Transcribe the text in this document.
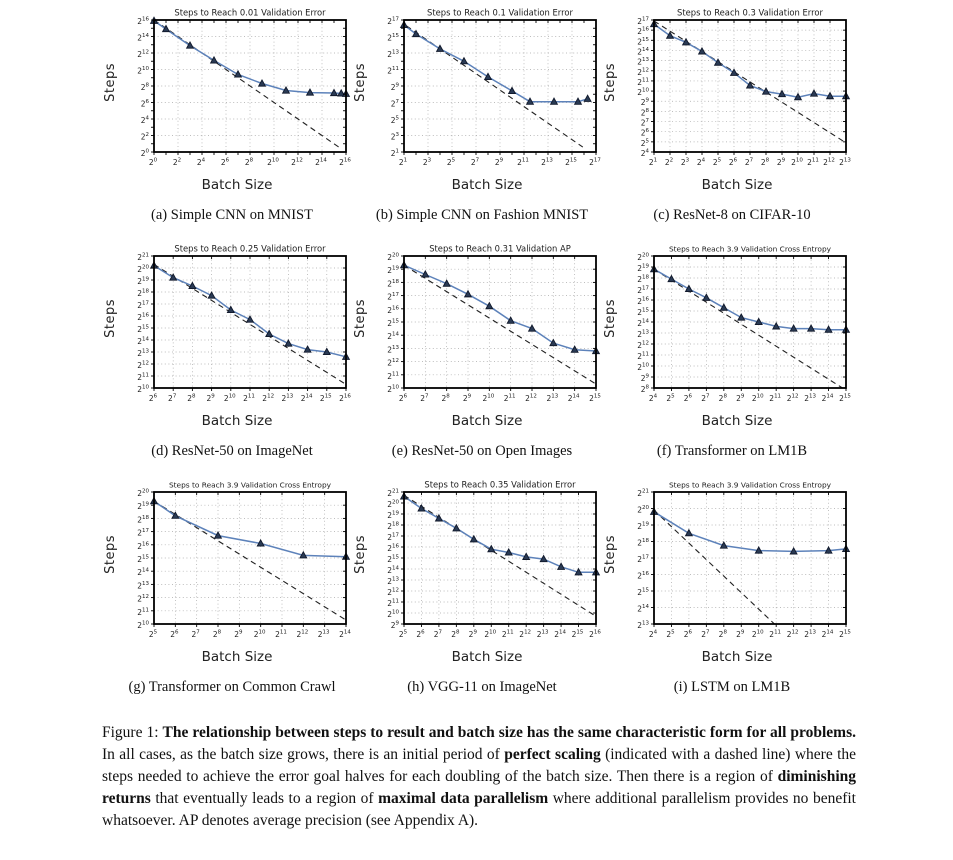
Steps
$2^0$ $2^2$ $2^4$ $2^6$ $2^8$ $2^{10}$ $2^{12}$ $2^{14}$ $2^{16}$
$2^0$
$2^2$
$2^4$
$2^6$
$2^8$
$2^{10}$
$2^{12}$
$2^{14}$
$2^{16}$
Steps to Reach 0.01 Validation Error
Batch Size
(a) Simple CNN on MNIST
Steps
$2^1$ $2^3$ $2^5$ $2^7$ $2^9$ $2^{11}$ $2^{13}$ $2^{15}$ $2^{17}$
$2^1$
$2^3$
$2^5$
$2^7$
$2^9$
$2^{11}$
$2^{13}$
$2^{15}$
$2^{17}$
Steps to Reach 0.1 Validation Error
Batch Size
(b) Simple CNN on Fashion MNIST
Steps
$2^1$ $2^2$ $2^3$ $2^4$ $2^5$ $2^6$ $2^7$ $2^8$ $2^9$ $2^{10}$ $2^{11}$ $2^{12}$ $2^{13}$
$2^4$
$2^5$
$2^6$
$2^7$
$2^8$
$2^9$
$2^{10}$
$2^{11}$
$2^{12}$
$2^{13}$
$2^{14}$
$2^{15}$
$2^{16}$
$2^{17}$
Steps to Reach 0.3 Validation Error
Batch Size
(c) ResNet-8 on CIFAR-10
Steps
$2^6$ $2^7$ $2^8$ $2^9$ $2^{10}$ $2^{11}$ $2^{12}$ $2^{13}$ $2^{14}$ $2^{15}$ $2^{16}$
$2^{10}$
$2^{11}$
$2^{12}$
$2^{13}$
$2^{14}$
$2^{15}$
$2^{16}$
$2^{17}$
$2^{18}$
$2^{19}$
$2^{20}$
$2^{21}$
Steps to Reach 0.25 Validation Error
Batch Size
(d) ResNet-50 on ImageNet
Steps
$2^6$ $2^7$ $2^8$ $2^9$ $2^{10}$ $2^{11}$ $2^{12}$ $2^{13}$ $2^{14}$ $2^{15}$
$2^{10}$
$2^{11}$
$2^{12}$
$2^{13}$
$2^{14}$
$2^{15}$
$2^{16}$
$2^{17}$
$2^{18}$
$2^{19}$
$2^{20}$
Steps to Reach 0.31 Validation AP
Batch Size
(e) ResNet-50 on Open Images
Steps
$2^4$ $2^5$ $2^6$ $2^7$ $2^8$ $2^9$ $2^{10}$ $2^{11}$ $2^{12}$ $2^{13}$ $2^{14}$ $2^{15}$
$2^8$
$2^9$
$2^{10}$
$2^{11}$
$2^{12}$
$2^{13}$
$2^{14}$
$2^{15}$
$2^{16}$
$2^{17}$
$2^{18}$
$2^{19}$
$2^{20}$
Steps to Reach 3.9 Validation Cross Entropy
Batch Size
(f) Transformer on LM1B
Steps
$2^5$ $2^6$ $2^7$ $2^8$ $2^9$ $2^{10}$ $2^{11}$ $2^{12}$ $2^{13}$ $2^{14}$
$2^{10}$
$2^{11}$
$2^{12}$
$2^{13}$
$2^{14}$
$2^{15}$
$2^{16}$
$2^{17}$
$2^{18}$
$2^{19}$
$2^{20}$
Steps to Reach 3.9 Validation Cross Entropy
Batch Size
(g) Transformer on Common Crawl
Steps
$2^5$ $2^6$ $2^7$ $2^8$ $2^9$ $2^{10}$ $2^{11}$ $2^{12}$ $2^{13}$ $2^{14}$ $2^{15}$ $2^{16}$
$2^9$
$2^{10}$
$2^{11}$
$2^{12}$
$2^{13}$
$2^{14}$
$2^{15}$
$2^{16}$
$2^{17}$
$2^{18}$
$2^{19}$
$2^{20}$
$2^{21}$
Steps to Reach 0.35 Validation Error
Batch Size
(h) VGG-11 on ImageNet
Steps
$2^4$ $2^5$ $2^6$ $2^7$ $2^8$ $2^9$ $2^{10}$ $2^{11}$ $2^{12}$ $2^{13}$ $2^{14}$ $2^{15}$
$2^{13}$
$2^{14}$
$2^{15}$
$2^{16}$
$2^{17}$
$2^{18}$
$2^{19}$
$2^{20}$
$2^{21}$
Steps to Reach 3.9 Validation Cross Entropy
Batch Size
(i) LSTM on LM1B

Figure 1: The relationship between steps to result and batch size has the same characteristic form for all problems. In all cases, as the batch size grows, there is an initial period of perfect scaling (indicated with a dashed line) where the steps needed to achieve the error goal halves for each doubling of the batch size. Then there is a region of diminishing returns that eventually leads to a region of maximal data parallelism where additional parallelism provides no benefit whatsoever. AP denotes average precision (see Appendix A).
